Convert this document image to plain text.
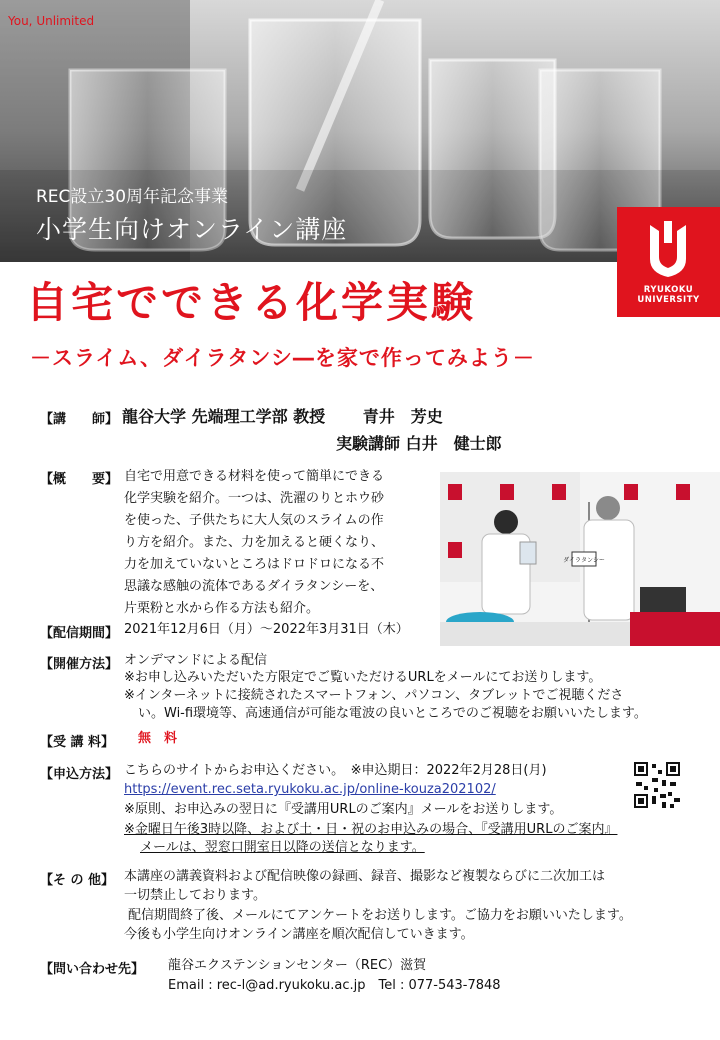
You, Unlimited
REC設立30周年記念事業
小学生向けオンライン講座
RYUKOKU
UNIVERSITY
自宅でできる化学実験
－スライム、ダイラタンシ―を家で作ってみよう－
【講　　師】 龍谷大学 先端理工学部 教授　　 青井　芳史
実験講師 白井　健士郎
【概　　要】 自宅で用意できる材料を使って簡単にできる

化学実験を紹介。一つは、洗濯のりとホウ砂

を使った、子供たちに大人気のスライムの作

り方を紹介。また、力を加えると硬くなり、

力を加えていないところはドロドロになる不

思議な感触の流体であるダイラタンシーを、

片栗粉と水から作る方法も紹介。

ダイラタンシー
【配信期間】 2021年12月6日（月）～2022年3月31日（木）
【開催方法】 オンデマンドによる配信
※お申し込みいただいた方限定でご覧いただけるURLをメールにてお送りします。
※インターネットに接続されたスマートフォン、パソコン、タブレットでご視聴くださ
い。Wi-fi環境等、高速通信が可能な電波の良いところでのご視聴をお願いいたします。
【受 講 料】 無　料
【申込方法】 こちらのサイトからお申込ください。　※申込期日：2022年2月28日(月)
https://event.rec.seta.ryukoku.ac.jp/online-kouza202102/
※原則、お申込みの翌日に『受講用URLのご案内』メールをお送りします。
※金曜日午後3時以降、および土・日・祝のお申込みの場合、『受講用URLのご案内』
メールは、翌窓口開室日以降の送信となります。
【そ の 他】 本講座の講義資料および配信映像の録画、録音、撮影など複製ならびに二次加工は
一切禁止しております。
配信期間終了後、メールにてアンケートをお送りします。ご協力をお願いいたします。
今後も小学生向けオンライン講座を順次配信していきます。
【問い合わせ先】 龍谷エクステンションセンター（REC）滋賀
Email : rec-l@ad.ryukoku.ac.jp　Tel : 077-543-7848
